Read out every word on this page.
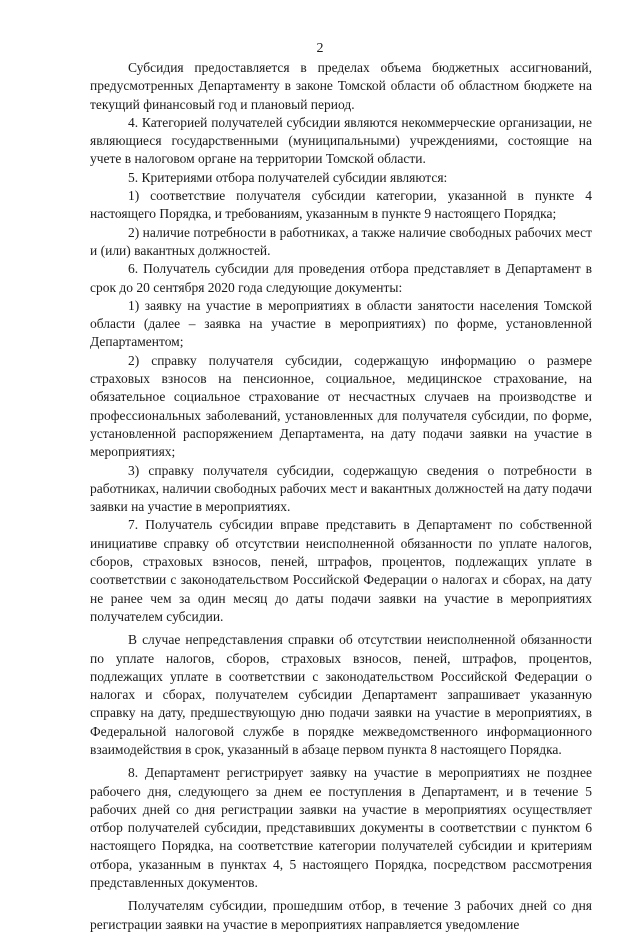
2

Субсидия предоставляется в пределах объема бюджетных ассигнований, предусмотренных Департаменту в законе Томской области об областном бюджете на текущий финансовый год и плановый период.

4. Категорией получателей субсидии являются некоммерческие организации, не являющиеся государственными (муниципальными) учреждениями, состоящие на учете в налоговом органе на территории Томской области.

5. Критериями отбора получателей субсидии являются:

1) соответствие получателя субсидии категории, указанной в пункте 4 настоящего Порядка, и требованиям, указанным в пункте 9 настоящего Порядка;

2) наличие потребности в работниках, а также наличие свободных рабочих мест и (или) вакантных должностей.

6. Получатель субсидии для проведения отбора представляет в Департамент в срок до 20 сентября 2020 года следующие документы:

1) заявку на участие в мероприятиях в области занятости населения Томской области (далее – заявка на участие в мероприятиях) по форме, установленной Департаментом;

2) справку получателя субсидии, содержащую информацию о размере страховых взносов на пенсионное, социальное, медицинское страхование, на обязательное социальное страхование от несчастных случаев на производстве и профессиональных заболеваний, установленных для получателя субсидии, по форме, установленной распоряжением Департамента, на дату подачи заявки на участие в мероприятиях;

3) справку получателя субсидии, содержащую сведения о потребности в работниках, наличии свободных рабочих мест и вакантных должностей на дату подачи заявки на участие в мероприятиях.

7. Получатель субсидии вправе представить в Департамент по собственной инициативе справку об отсутствии неисполненной обязанности по уплате налогов, сборов, страховых взносов, пеней, штрафов, процентов, подлежащих уплате в соответствии с законодательством Российской Федерации о налогах и сборах, на дату не ранее чем за один месяц до даты подачи заявки на участие в мероприятиях получателем субсидии.

В случае непредставления справки об отсутствии неисполненной обязанности по уплате налогов, сборов, страховых взносов, пеней, штрафов, процентов, подлежащих уплате в соответствии с законодательством Российской Федерации о налогах и сборах, получателем субсидии Департамент запрашивает указанную справку на дату, предшествующую дню подачи заявки на участие в мероприятиях, в Федеральной налоговой службе в порядке межведомственного информационного взаимодействия в срок, указанный в абзаце первом пункта 8 настоящего Порядка.

8. Департамент регистрирует заявку на участие в мероприятиях не позднее рабочего дня, следующего за днем ее поступления в Департамент, и в течение 5 рабочих дней со дня регистрации заявки на участие в мероприятиях осуществляет отбор получателей субсидии, представивших документы в соответствии с пунктом 6 настоящего Порядка, на соответствие категории получателей субсидии и критериям отбора, указанным в пунктах 4, 5 настоящего Порядка, посредством рассмотрения представленных документов.

Получателям субсидии, прошедшим отбор, в течение 3 рабочих дней со дня регистрации заявки на участие в мероприятиях направляется уведомление
